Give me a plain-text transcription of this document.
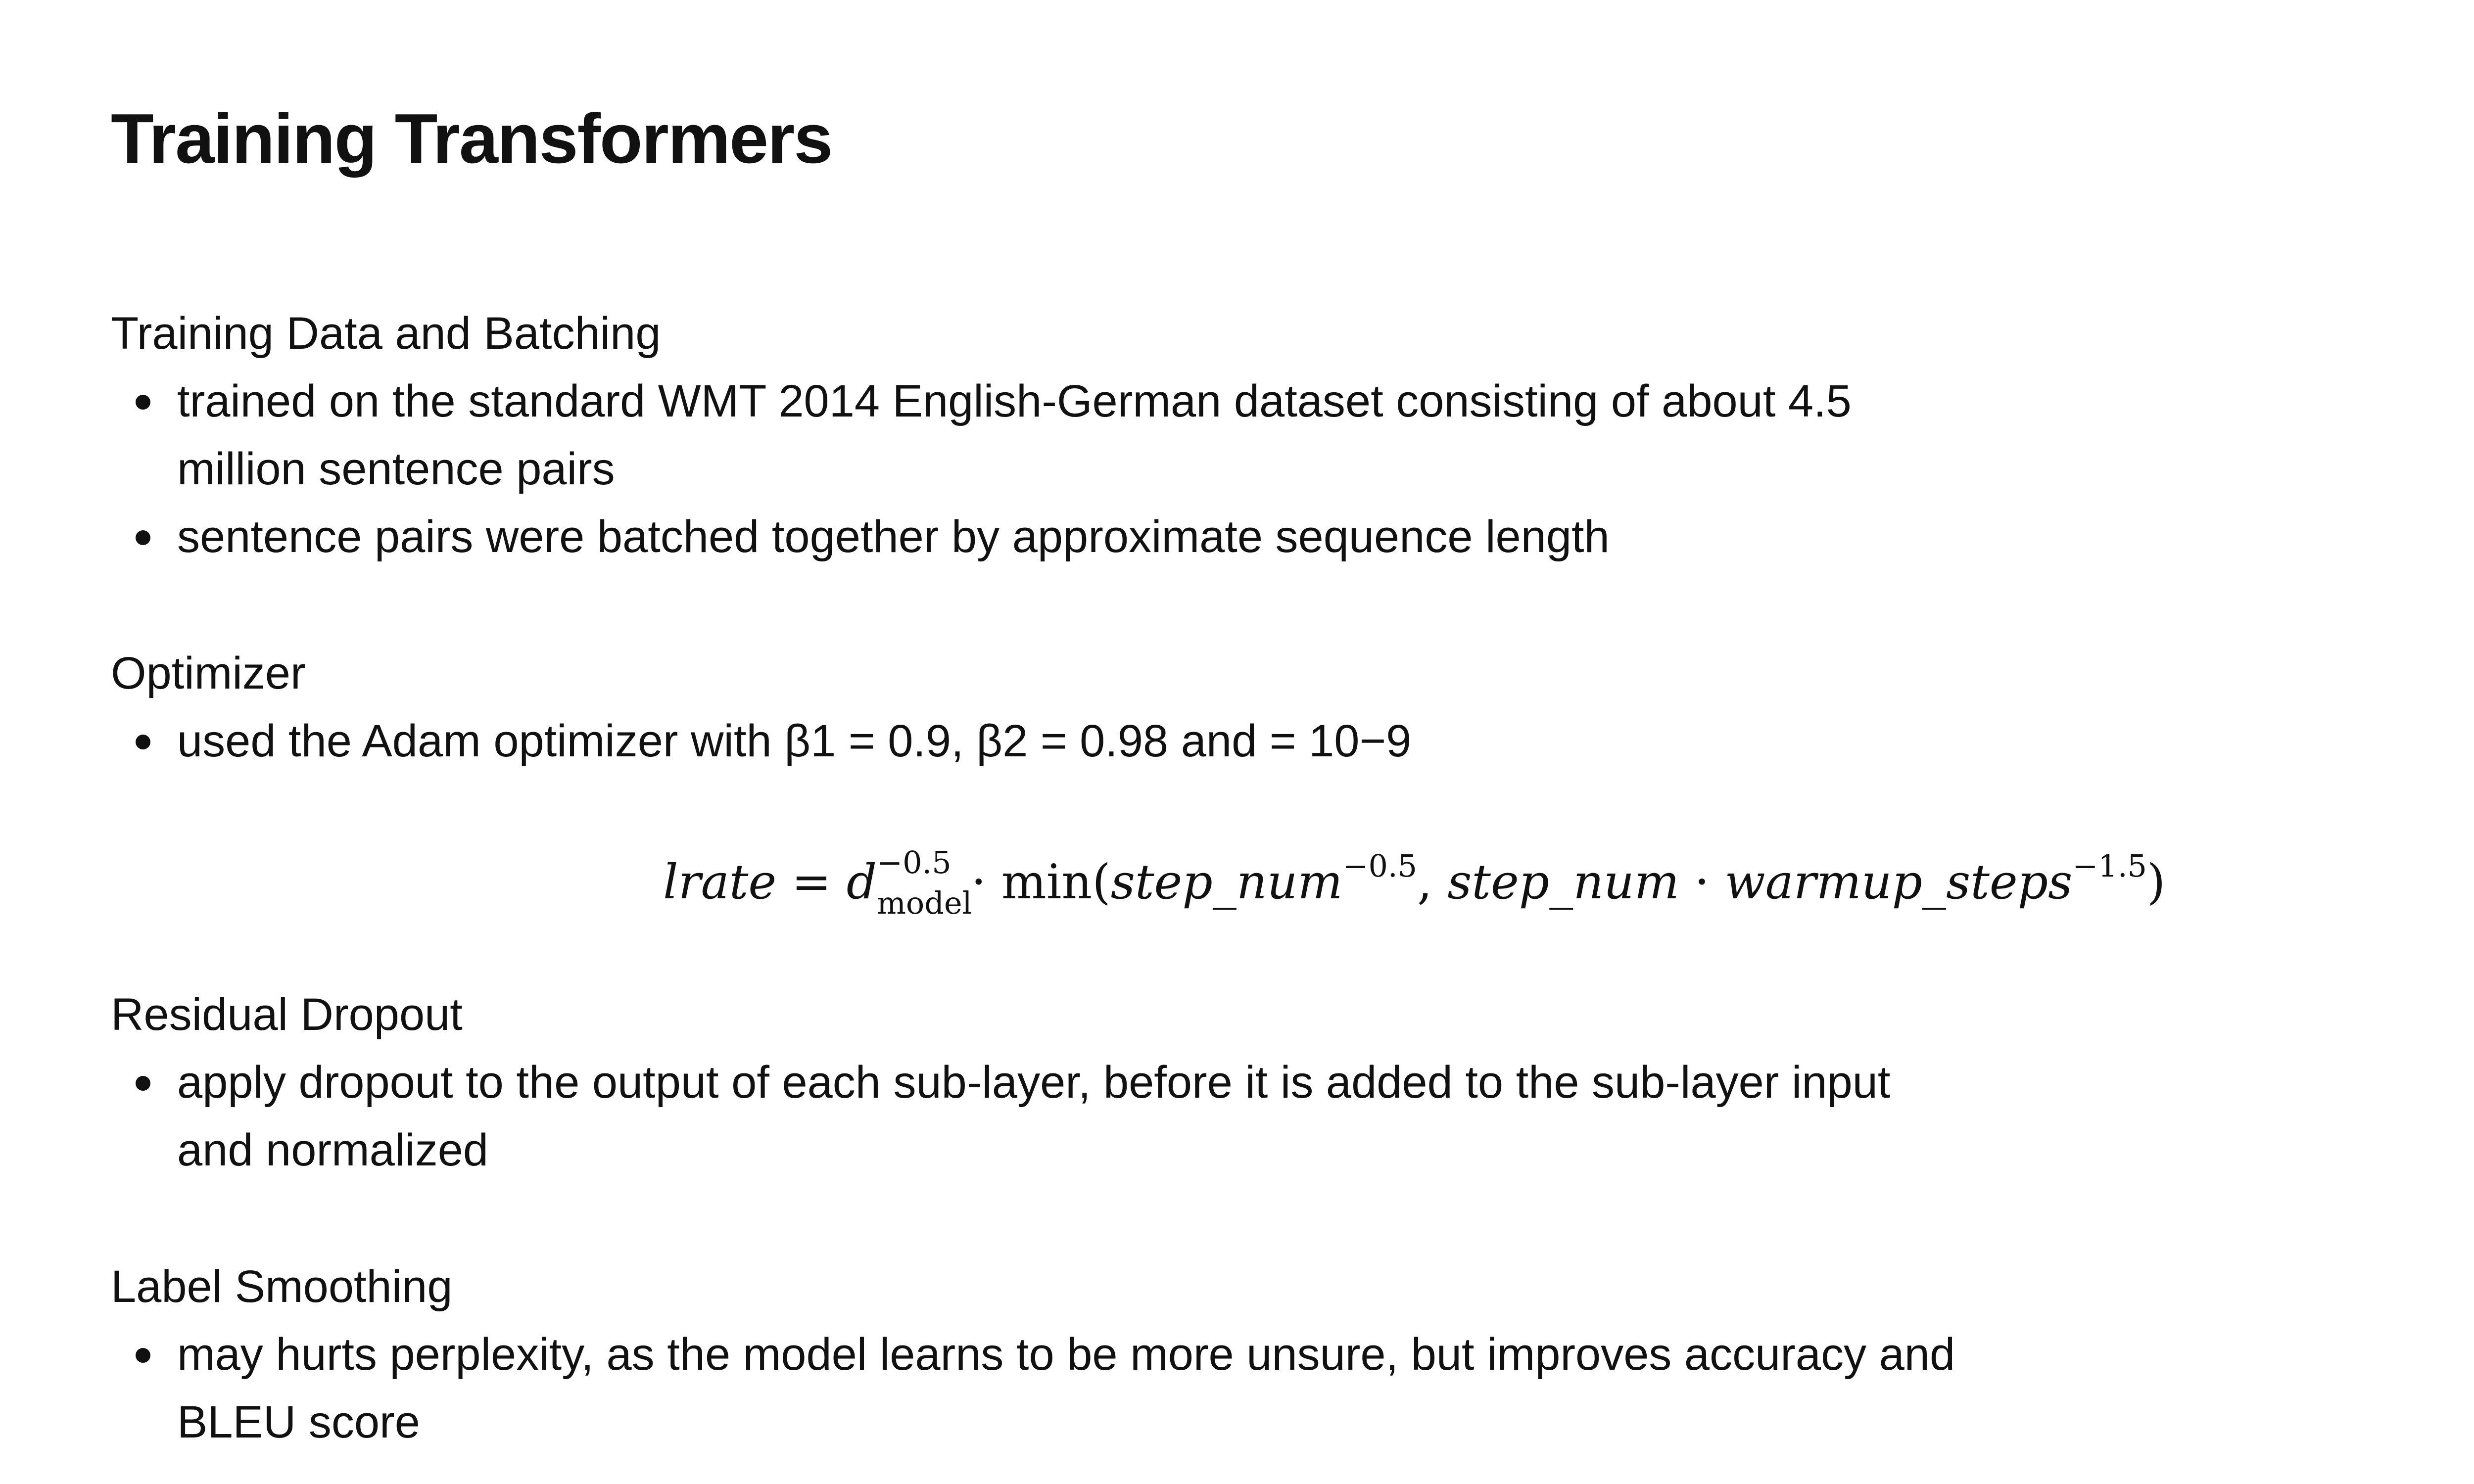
Training Transformers

Training Data and Batching

trained on the standard WMT 2014 English-German dataset consisting of about 4.5 million sentence pairs
sentence pairs were batched together by approximate sequence length

Optimizer

used the Adam optimizer with β1 = 0.9, β2 = 0.98 and = 10−9
lrate = d −0.5
model
· min(step_num$^{-0.5}$, step_num · warmup_steps$^{-1.5}$)

Residual Dropout

apply dropout to the output of each sub-layer, before it is added to the sub-layer input and normalized

Label Smoothing

may hurts perplexity, as the model learns to be more unsure, but improves accuracy and BLEU score
